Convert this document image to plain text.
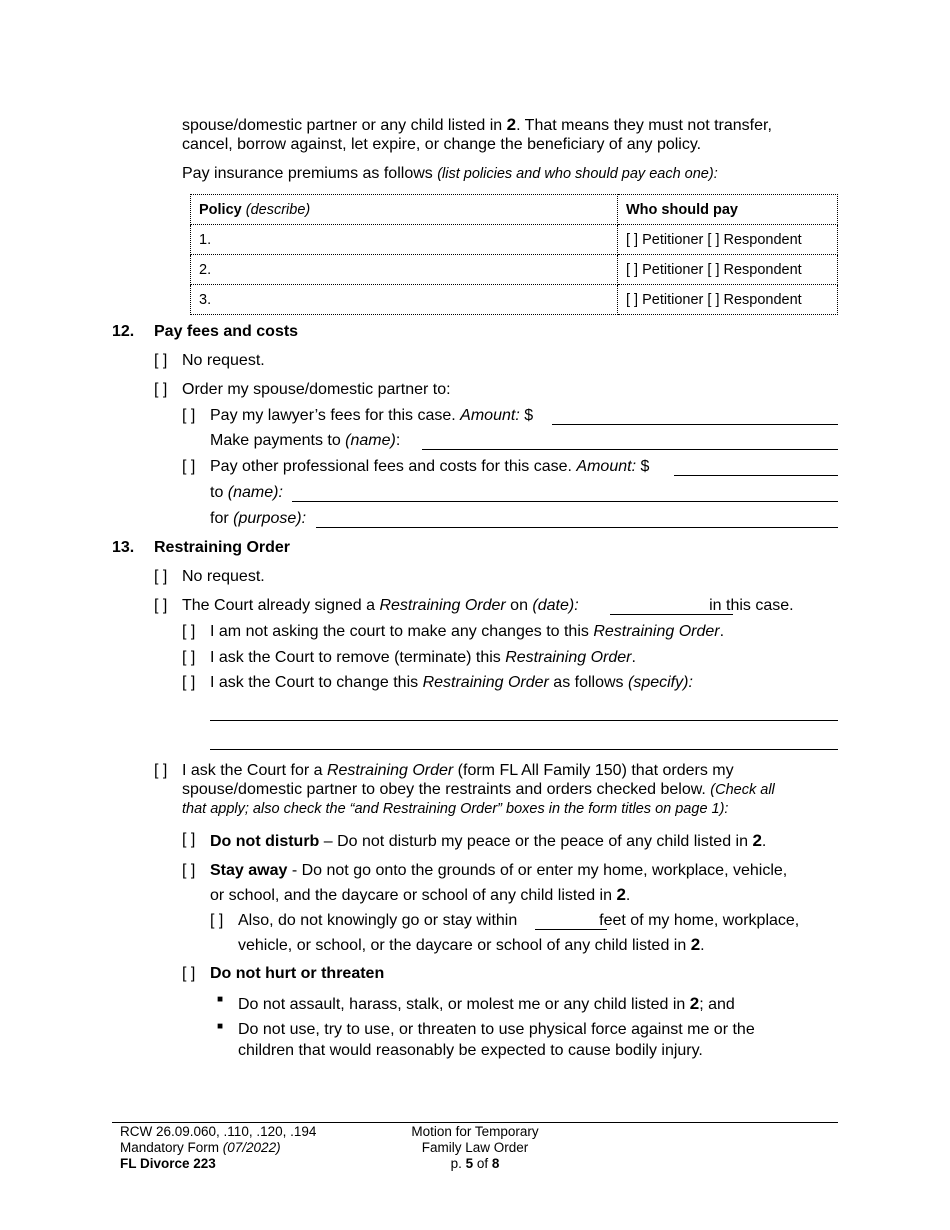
spouse/domestic partner or any child listed in 2. That means they must not transfer,
cancel, borrow against, let expire, or change the beneficiary of any policy.
Pay insurance premiums as follows (list policies and who should pay each one):
Policy (describe)	Who should pay
1.	[ ] Petitioner [ ] Respondent
2.	[ ] Petitioner [ ] Respondent
3.	[ ] Petitioner [ ] Respondent
12. Pay fees and costs
[ ] No request.
[ ] Order my spouse/domestic partner to:
[ ] Pay my lawyer’s fees for this case. Amount: $
Make payments to (name):
[ ] Pay other professional fees and costs for this case. Amount: $
to (name):
for (purpose):
13. Restraining Order
[ ] No request.
[ ] The Court already signed a Restraining Order on (date):	in this case.
[ ] I am not asking the court to make any changes to this Restraining Order.
[ ] I ask the Court to remove (terminate) this Restraining Order.
[ ] I ask the Court to change this Restraining Order as follows (specify):
[ ] I ask the Court for a Restraining Order (form FL All Family 150) that orders my
spouse/domestic partner to obey the restraints and orders checked below. (Check all
that apply; also check the “and Restraining Order” boxes in the form titles on page 1):
[ ] Do not disturb – Do not disturb my peace or the peace of any child listed in 2.
[ ] Stay away - Do not go onto the grounds of or enter my home, workplace, vehicle,
or school, and the daycare or school of any child listed in 2.
[ ] Also, do not knowingly go or stay within	feet of my home, workplace,
vehicle, or school, or the daycare or school of any child listed in 2.
[ ] Do not hurt or threaten
■ Do not assault, harass, stalk, or molest me or any child listed in 2; and
■ Do not use, try to use, or threaten to use physical force against me or the
children that would reasonably be expected to cause bodily injury.
RCW 26.09.060, .110, .120, .194
Mandatory Form (07/2022)
FL Divorce 223
Motion for Temporary
Family Law Order
p. 5 of 8
